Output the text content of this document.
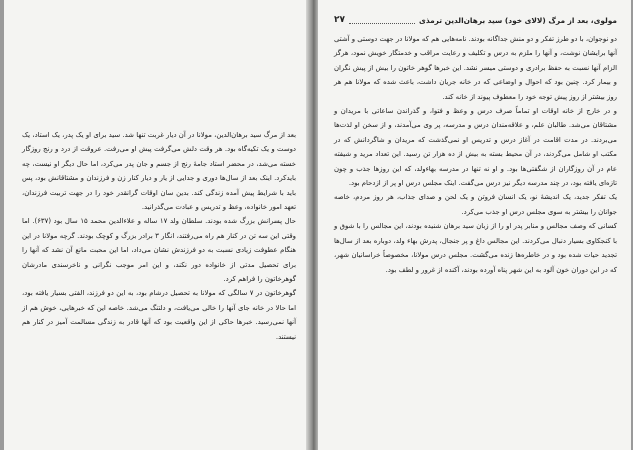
بعد از مرگ سید برهان‌الدین، مولانا در آن دیار غربت تنها شد. سید برای او یک پدر، یک استاد، یک دوست و یک تکیه‌گاه بود. هر وقت دلش می‌گرفت پیش او می‌رفت. عروقت از درد و رنج روزگار خسته می‌شد، در محضر استاد جامهٔ رنج از جسم و جان پدر می‌کرد، اما حال دیگر او نیست، چه بایدکرد. اینک بعد از سال‌ها دوری و جدایی از یار و دیار کنار زن و فرزندان و مشتاقانش بود، پس باید با شرایط پیش آمده زندگی کند. بدین سان اوقات گرانقدر خود را در جهت تربیت فرزندان، تعهد امور خانواده، وعظ و تدریس و عبادت می‌گذرانید.

حال پسرانش بزرگ شده بودند. سلطان ولد ۱۷ ساله و علاء‌الدین محمد ۱۵ سال بود (۶۳۷). اما وقتی این سه تن در کنار هم راه می‌رفتند، انگار ۳ برادر بزرگ و کوچک بودند. گرچه مولانا در این هنگام عطوفت زیادی نسبت به دو فرزندش نشان می‌داد، اما این محبت مانع آن نشد که آنها را برای تحصیل مدتی از خانواده دور نکند، و این امر موجب نگرانی و ناخرسندی مادرشان گوهرخاتون را فراهم کرد.

گوهرخاتون در ۷ سالگی که مولانا به تحصیل درشام بود، به این دو فرزند، الفتی بسیار یافته بود، اما حالا در خانه جای آنها را خالی می‌یافت، و دلتنگ می‌شد. خاصه این که خبرهایی، خوش هم از آنها نمی‌رسید. خبرها حاکی از این واقعیت بود که آنها قادر به زندگی مسالمت آمیز در کنار هم نیستند.

مولوی، بعد از مرگ (لالای خود) سید برهان‌الدین ترمذی
۲۷

دو نوجوان، با دو طرز تفکر و دو منش جداگانه بودند. نامه‌هایی هم که مولانا در جهت دوستی و آشتی آنها برایشان نوشت، و آنها را ملزم به درس و تکلیف و رعایت مراقب و خدمتگار خویش نمود، هرگز الزام آنها نسبت به حفظ برادری و دوستی میسر نشد. این خبرها گوهر خاتون را بیش از پیش نگران و بیمار کرد. چنین بود که احوال و اوضاعی که در خانه جریان داشت، باعث شده که مولانا هم هر روز بیشتر از روز پیش توجه خود را معطوف پیوند از خانه کند.

و در خارج از خانه اوقات او تماماً صرف درس و وعظ و فتوا، و گذراندن ساعاتی با مریدان و مشتاقان می‌شد. طالبان علم، و علاقه‌مندان درس و مدرسه، پر وی می‌آمدند، و از سخن او لذت‌ها می‌بردند. در مدت اقامت در آغاز درس و تدریس او نمی‌گذشت که مریدان و شاگردانش که در مکتب او شامل می‌گردند، در آن محیط بسته به بیش از ده هزار تن رسید. این تعداد مرید و شیفته عام در آن روزگاران از شگفتی‌ها بود. و او نه تنها در مدرسه بهاءولد، که این روزها جذب و چون تازه‌ای یافته بود، در چند مدرسه دیگر نیز درس می‌گفت. اینک مجلس درس او پر از ازدحام بود.

یک تفکر جدید، یک اندیشهٔ نو، یک انسان فروتن و یک لحن و صدای جذاب، هر روز مردم، خاصه جوانان را بیشتر به سوی مجلس درس او جذب می‌کرد.

کسانی که وصف مجالس و منابر پدر او را از زبان سید برهان شنیده بودند، این مجالس را با شوق و با کنجکاوی بسیار دنبال می‌کردند. این مجالس داغ و پر جنجال، پدرش بهاء ولد، دوباره بعد از سال‌ها تجدید حیات شده بود و در خاطره‌ها زنده می‌گشت. مجلس درس مولانا، مخصوصاً خراسانیان شهر، که در این دوران خون آلود به این شهر پناه آورده بودند، آکنده از غرور و لطف بود.
